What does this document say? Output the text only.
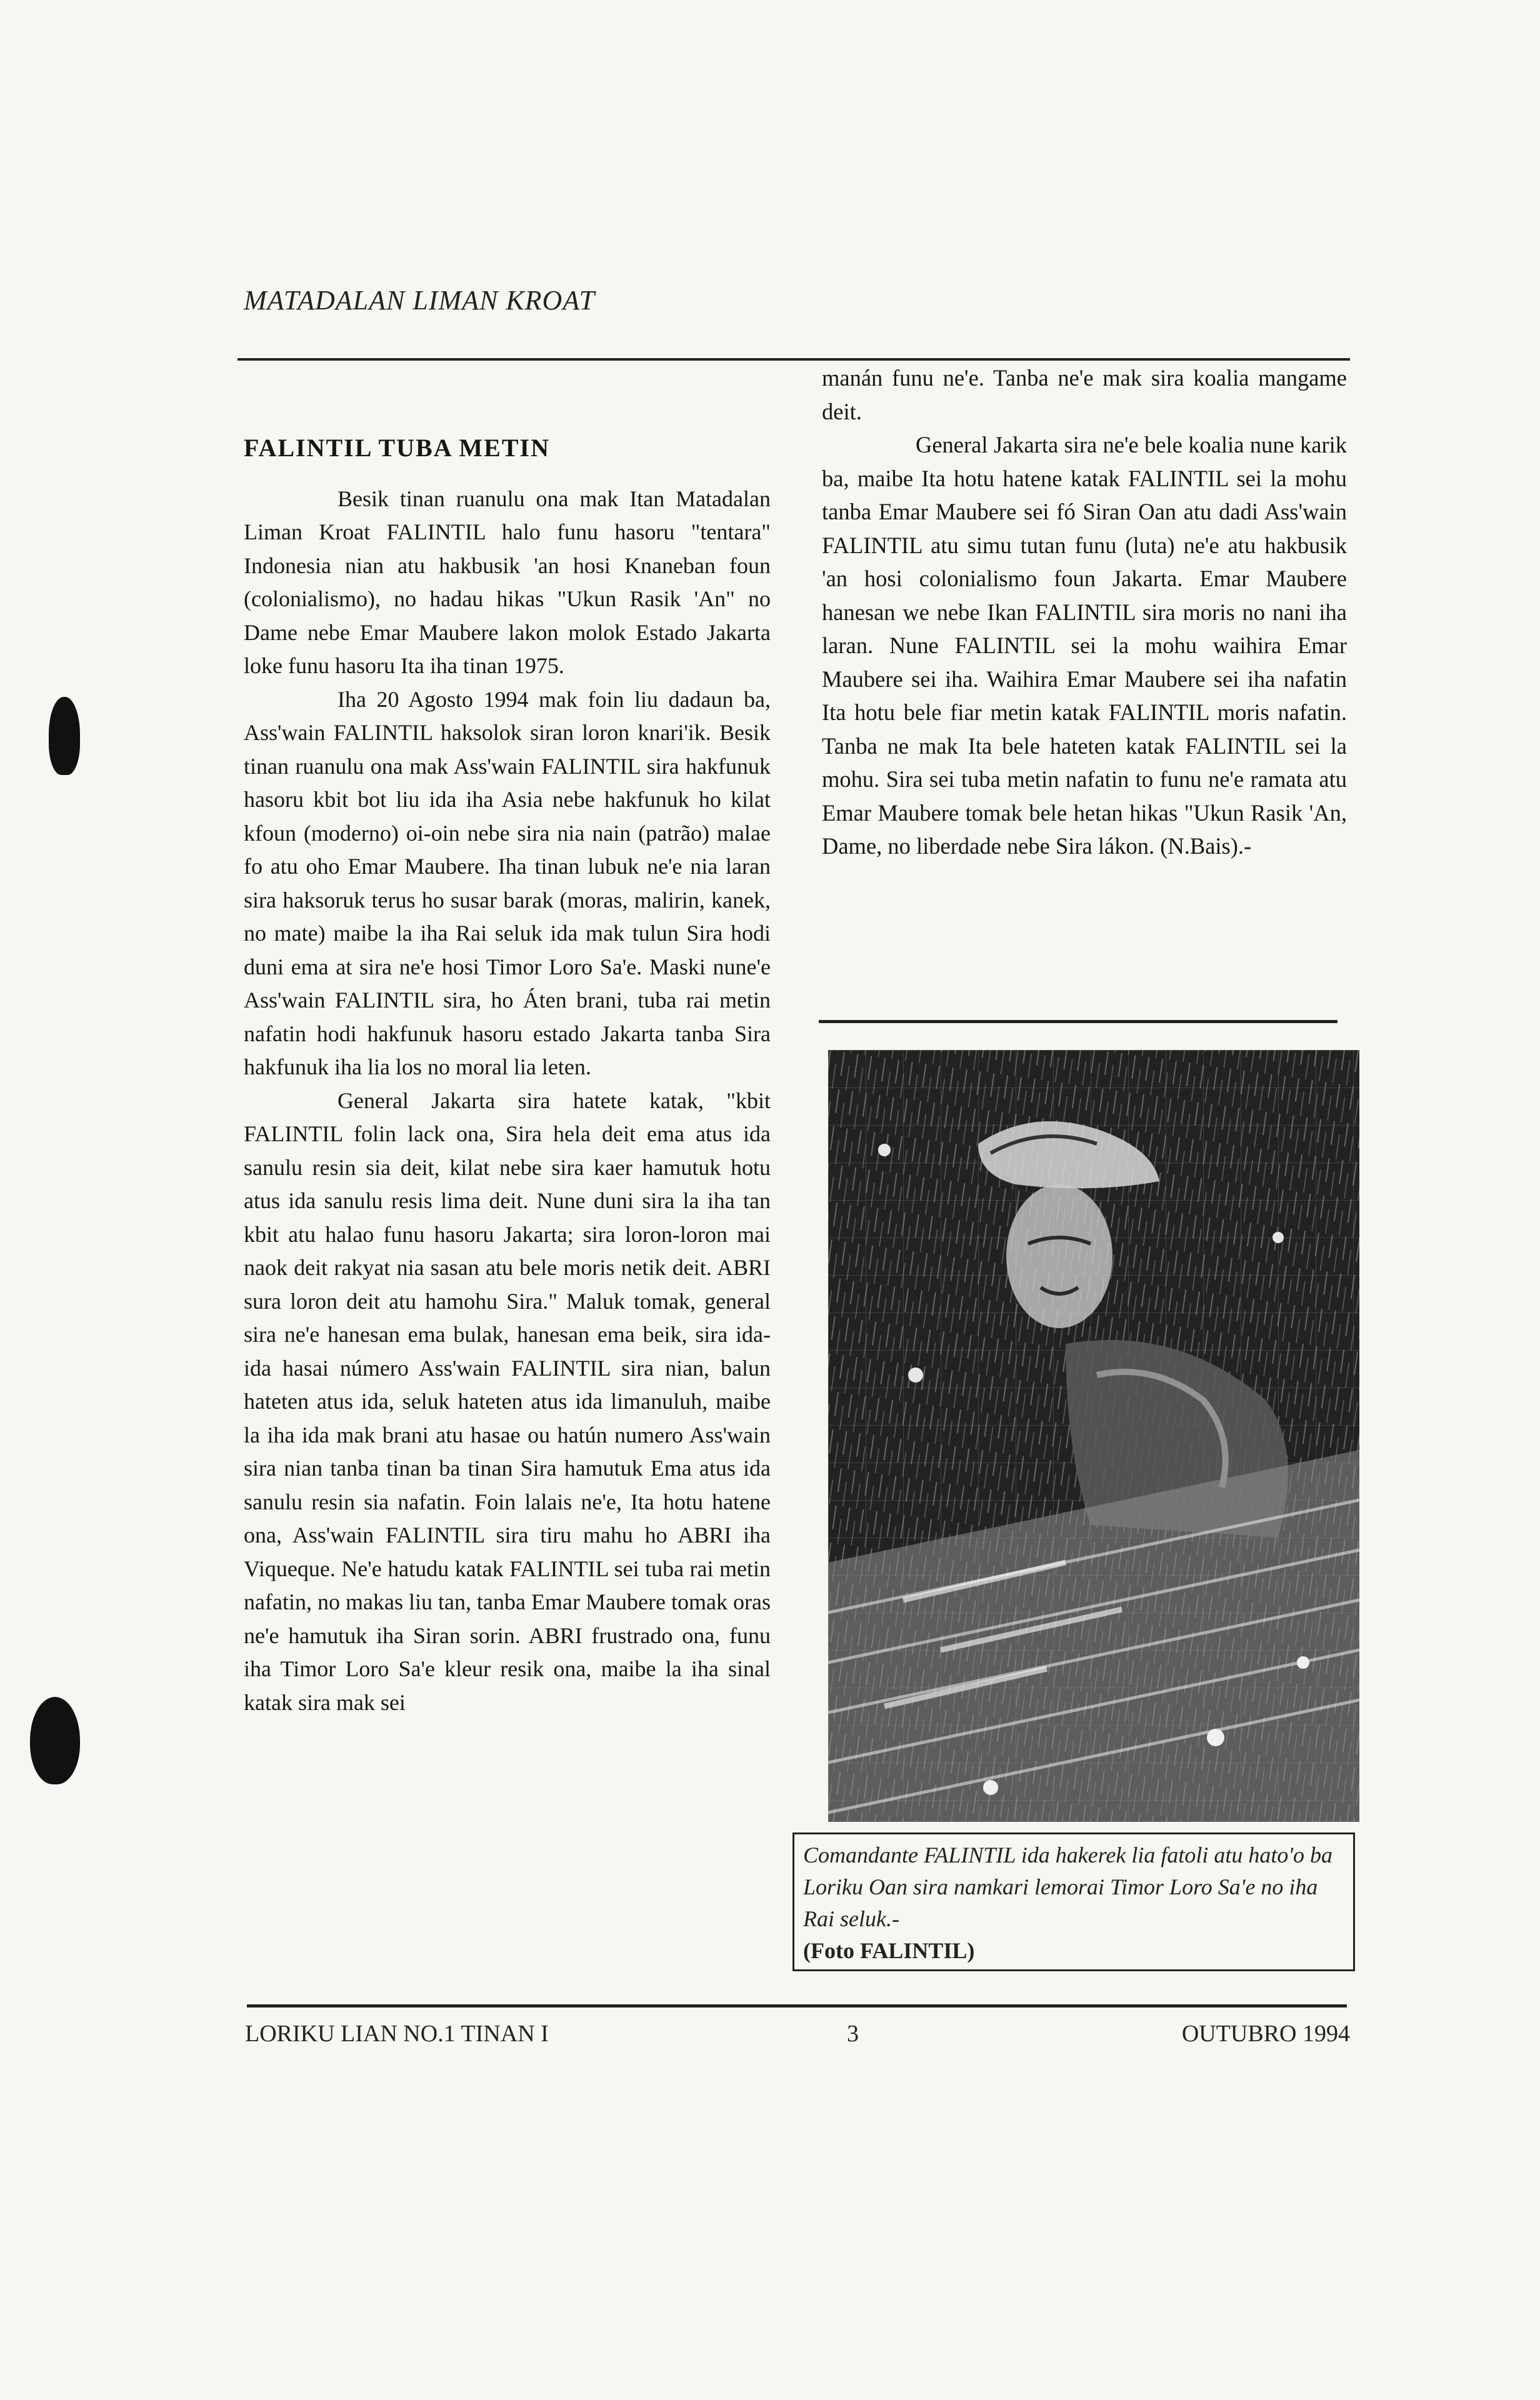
MATADALAN LIMAN KROAT
FALINTIL TUBA METIN

Besik tinan ruanulu ona mak Itan Matadalan Liman Kroat FALINTIL halo funu hasoru "tentara" Indonesia nian atu hakbusik 'an hosi Knaneban foun (colonialismo), no hadau hikas "Ukun Rasik 'An" no Dame nebe Emar Maubere lakon molok Estado Jakarta loke funu hasoru Ita iha tinan 1975.

Iha 20 Agosto 1994 mak foin liu dadaun ba, Ass'wain FALINTIL haksolok siran loron knari'ik. Besik tinan ruanulu ona mak Ass'wain FALINTIL sira hakfunuk hasoru kbit bot liu ida iha Asia nebe hakfunuk ho kilat kfoun (moderno) oi-oin nebe sira nia nain (patrão) malae fo atu oho Emar Maubere. Iha tinan lubuk ne'e nia laran sira haksoruk terus ho susar barak (moras, malirin, kanek, no mate) maibe la iha Rai seluk ida mak tulun Sira hodi duni ema at sira ne'e hosi Timor Loro Sa'e. Maski nune'e Ass'wain FALINTIL sira, ho Áten brani, tuba rai metin nafatin hodi hakfunuk hasoru estado Jakarta tanba Sira hakfunuk iha lia los no moral lia leten.

General Jakarta sira hatete katak, "kbit FALINTIL folin lack ona, Sira hela deit ema atus ida sanulu resin sia deit, kilat nebe sira kaer hamutuk hotu atus ida sanulu resis lima deit. Nune duni sira la iha tan kbit atu halao funu hasoru Jakarta; sira loron-loron mai naok deit rakyat nia sasan atu bele moris netik deit. ABRI sura loron deit atu hamohu Sira." Maluk tomak, general sira ne'e hanesan ema bulak, hanesan ema beik, sira ida-ida hasai número Ass'wain FALINTIL sira nian, balun hateten atus ida, seluk hateten atus ida limanuluh, maibe la iha ida mak brani atu hasae ou hatún numero Ass'wain sira nian tanba tinan ba tinan Sira hamutuk Ema atus ida sanulu resin sia nafatin. Foin lalais ne'e, Ita hotu hatene ona, Ass'wain FALINTIL sira tiru mahu ho ABRI iha Viqueque. Ne'e hatudu katak FALINTIL sei tuba rai metin nafatin, no makas liu tan, tanba Emar Maubere tomak oras ne'e hamutuk iha Siran sorin. ABRI frustrado ona, funu iha Timor Loro Sa'e kleur resik ona, maibe la iha sinal katak sira mak sei

manán funu ne'e. Tanba ne'e mak sira koalia mangame deit.

General Jakarta sira ne'e bele koalia nune karik ba, maibe Ita hotu hatene katak FALINTIL sei la mohu tanba Emar Maubere sei fó Siran Oan atu dadi Ass'wain FALINTIL atu simu tutan funu (luta) ne'e atu hakbusik 'an hosi colonialismo foun Jakarta. Emar Maubere hanesan we nebe Ikan FALINTIL sira moris no nani iha laran. Nune FALINTIL sei la mohu waihira Emar Maubere sei iha. Waihira Emar Maubere sei iha nafatin Ita hotu bele fiar metin katak FALINTIL moris nafatin. Tanba ne mak Ita bele hateten katak FALINTIL sei la mohu. Sira sei tuba metin nafatin to funu ne'e ramata atu Emar Maubere tomak bele hetan hikas "Ukun Rasik 'An, Dame, no liberdade nebe Sira lákon. (N.Bais).-

Comandante FALINTIL ida hakerek lia fatoli atu hato'o ba Loriku Oan sira namkari lemorai Timor Loro Sa'e no iha Rai seluk.-
(Foto FALINTIL)
LORIKU LIAN NO.1 TINAN I	3	OUTUBRO 1994
